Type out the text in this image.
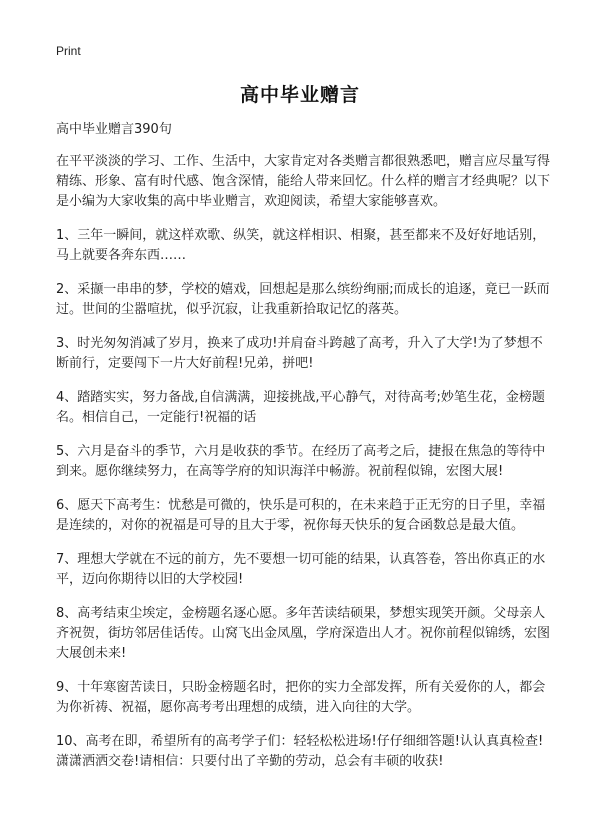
Print
高中毕业赠言

高中毕业赠言390句

在平平淡淡的学习、工作、生活中，大家肯定对各类赠言都很熟悉吧，赠言应尽量写得精练、形象、富有时代感、饱含深情，能给人带来回忆。什么样的赠言才经典呢？以下是小编为大家收集的高中毕业赠言，欢迎阅读，希望大家能够喜欢。

1、三年一瞬间，就这样欢歌、纵笑，就这样相识、相聚，甚至都来不及好好地话别，马上就要各奔东西……

2、采撷一串串的梦，学校的嬉戏，回想起是那么缤纷绚丽;而成长的追逐，竟已一跃而过。世间的尘嚣喧扰，似乎沉寂，让我重新拾取记忆的落英。

3、时光匆匆消减了岁月，换来了成功!并肩奋斗跨越了高考，升入了大学!为了梦想不断前行，定要闯下一片大好前程!兄弟，拼吧!

4、踏踏实实，努力备战,自信满满，迎接挑战,平心静气，对待高考;妙笔生花，金榜题名。相信自己，一定能行!祝福的话

5、六月是奋斗的季节，六月是收获的季节。在经历了高考之后，捷报在焦急的等待中到来。愿你继续努力，在高等学府的知识海洋中畅游。祝前程似锦，宏图大展!

6、愿天下高考生：忧愁是可微的，快乐是可积的，在未来趋于正无穷的日子里，幸福是连续的，对你的祝福是可导的且大于零，祝你每天快乐的复合函数总是最大值。

7、理想大学就在不远的前方，先不要想一切可能的结果，认真答卷，答出你真正的水平，迈向你期待以旧的大学校园!

8、高考结束尘埃定，金榜题名逐心愿。多年苦读结硕果，梦想实现笑开颜。父母亲人齐祝贺，街坊邻居佳话传。山窝飞出金凤凰，学府深造出人才。祝你前程似锦绣，宏图大展创未来!

9、十年寒窗苦读日，只盼金榜题名时，把你的实力全部发挥，所有关爱你的人，都会为你祈祷、祝福，愿你高考考出理想的成绩，进入向往的大学。

10、高考在即，希望所有的高考学子们：轻轻松松进场!仔仔细细答题!认认真真检查!潇潇洒洒交卷!请相信：只要付出了辛勤的劳动，总会有丰硕的收获!
